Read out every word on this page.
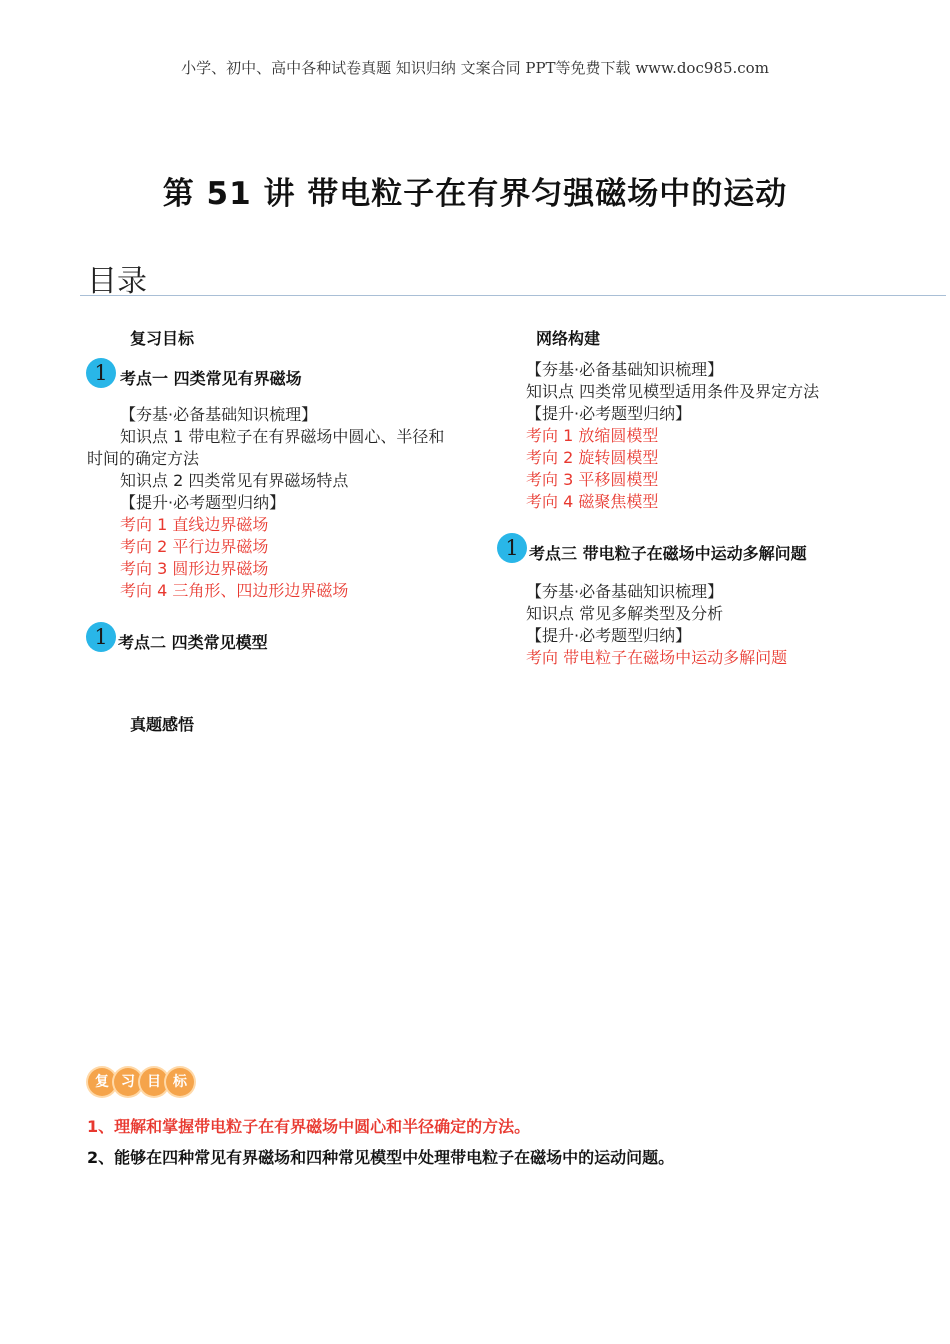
小学、初中、高中各种试卷真题 知识归纳 文案合同 PPT等免费下载 www.doc985.com
第 51 讲 带电粒子在有界匀强磁场中的运动
目录
复习目标
1 考点一 四类常见有界磁场
【夯基·必备基础知识梳理】
知识点 1 带电粒子在有界磁场中圆心、半径和
时间的确定方法
知识点 2 四类常见有界磁场特点
【提升·必考题型归纳】
考向 1 直线边界磁场
考向 2 平行边界磁场
考向 3 圆形边界磁场
考向 4 三角形、四边形边界磁场
1 考点二 四类常见模型
真题感悟
网络构建
【夯基·必备基础知识梳理】
知识点 四类常见模型适用条件及界定方法
【提升·必考题型归纳】
考向 1 放缩圆模型
考向 2 旋转圆模型
考向 3 平移圆模型
考向 4 磁聚焦模型
1 考点三 带电粒子在磁场中运动多解问题
【夯基·必备基础知识梳理】
知识点 常见多解类型及分析
【提升·必考题型归纳】
考向 带电粒子在磁场中运动多解问题
复 习 目 标
1、理解和掌握带电粒子在有界磁场中圆心和半径确定的方法。
2、能够在四种常见有界磁场和四种常见模型中处理带电粒子在磁场中的运动问题。
